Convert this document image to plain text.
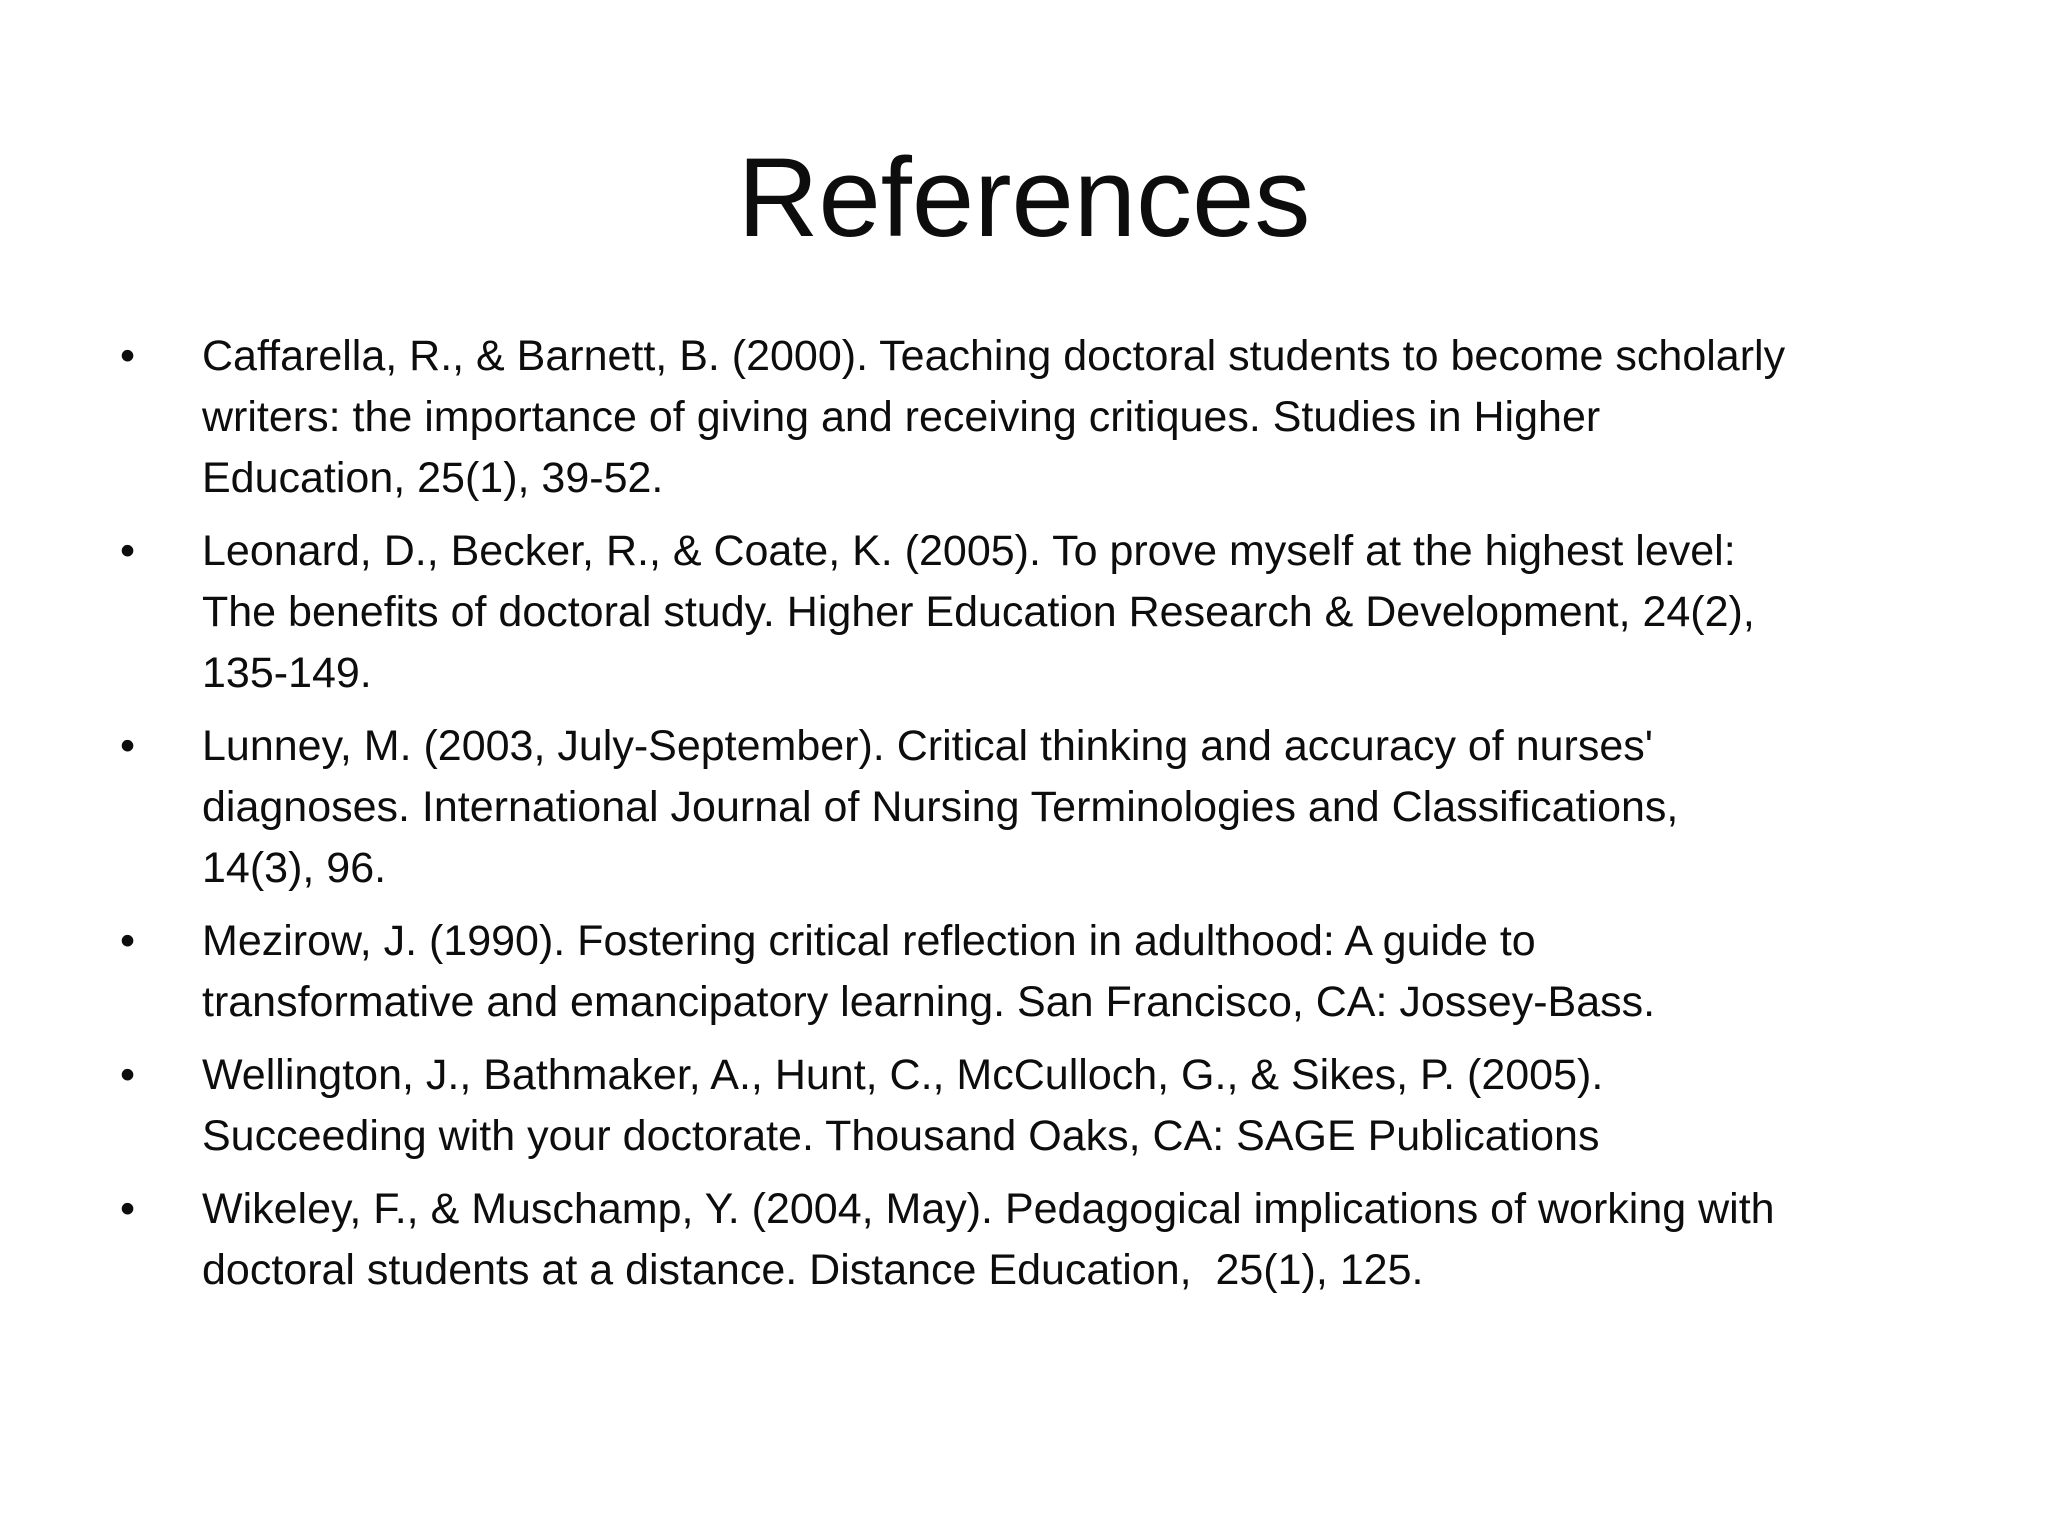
References
•	Caffarella, R., & Barnett, B. (2000). Teaching doctoral students to become scholarly
writers: the importance of giving and receiving critiques. Studies in Higher
Education, 25(1), 39-52.
•	Leonard, D., Becker, R., & Coate, K. (2005). To prove myself at the highest level:
The benefits of doctoral study. Higher Education Research & Development, 24(2),
135-149.
•	Lunney, M. (2003, July-September). Critical thinking and accuracy of nurses'
diagnoses. International Journal of Nursing Terminologies and Classifications,
14(3), 96.
•	Mezirow, J. (1990). Fostering critical reflection in adulthood: A guide to
transformative and emancipatory learning. San Francisco, CA: Jossey-Bass.
•	Wellington, J., Bathmaker, A., Hunt, C., McCulloch, G., & Sikes, P. (2005).
Succeeding with your doctorate. Thousand Oaks, CA: SAGE Publications
•	Wikeley, F., & Muschamp, Y. (2004, May). Pedagogical implications of working with
doctoral students at a distance. Distance Education,  25(1), 125.
